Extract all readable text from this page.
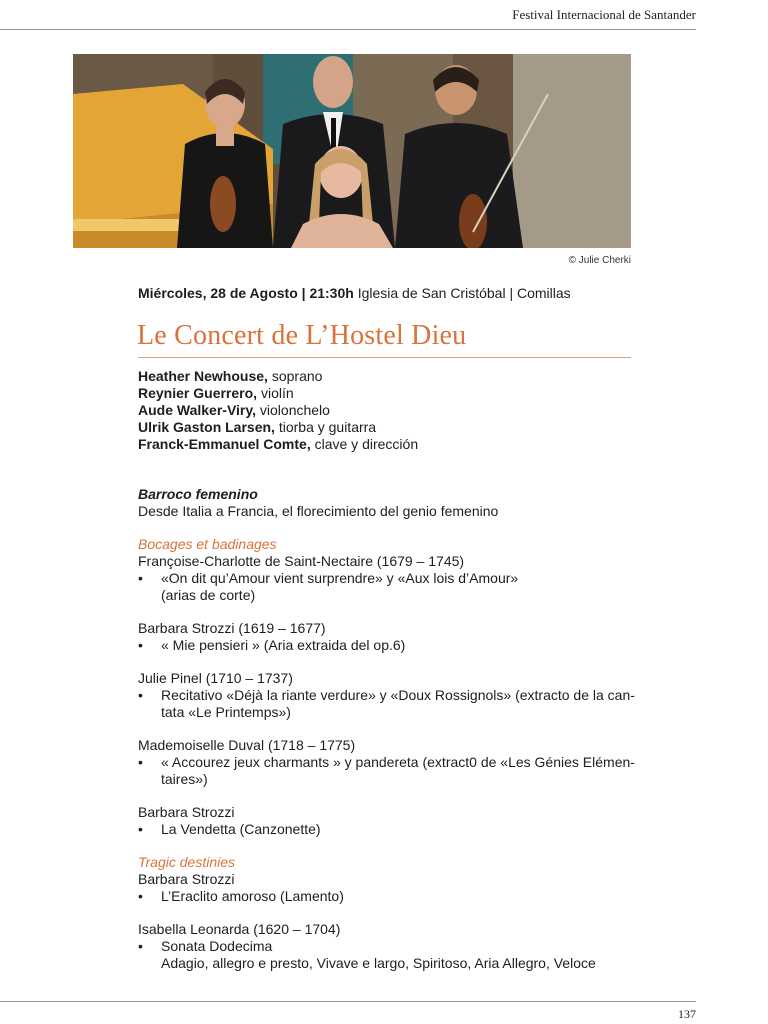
Festival Internacional de Santander
© Julie Cherki
Miércoles, 28 de Agosto | 21:30h Iglesia de San Cristóbal | Comillas
Le Concert de L’Hostel Dieu
Heather Newhouse, soprano
Reynier Guerrero, violín
Aude Walker-Viry, violonchelo
Ulrik Gaston Larsen, tiorba y guitarra
Franck-Emmanuel Comte, clave y dirección
Barroco femenino
Desde Italia a Francia, el florecimiento del genio femenino
Bocages et badinages
Françoise-Charlotte de Saint-Nectaire (1679 – 1745)
• «On dit qu’Amour vient surprendre» y «Aux lois d’Amour»
(arias de corte)
Barbara Strozzi (1619 – 1677)
• « Mie pensieri » (Aria extraida del op.6)
Julie Pinel (1710 – 1737)
• Recitativo «Déjà la riante verdure» y «Doux Rossignols» (extracto de la can-
tata «Le Printemps»)
Mademoiselle Duval (1718 – 1775)
• « Accourez jeux charmants » y pandereta (extract0 de «Les Génies Elémen-
taires»)
Barbara Strozzi
• La Vendetta (Canzonette)
Tragic destinies
Barbara Strozzi
• L’Eraclito amoroso (Lamento)
Isabella Leonarda (1620 – 1704)
• Sonata Dodecima
Adagio, allegro e presto, Vivave e largo, Spiritoso, Aria Allegro, Veloce
137
